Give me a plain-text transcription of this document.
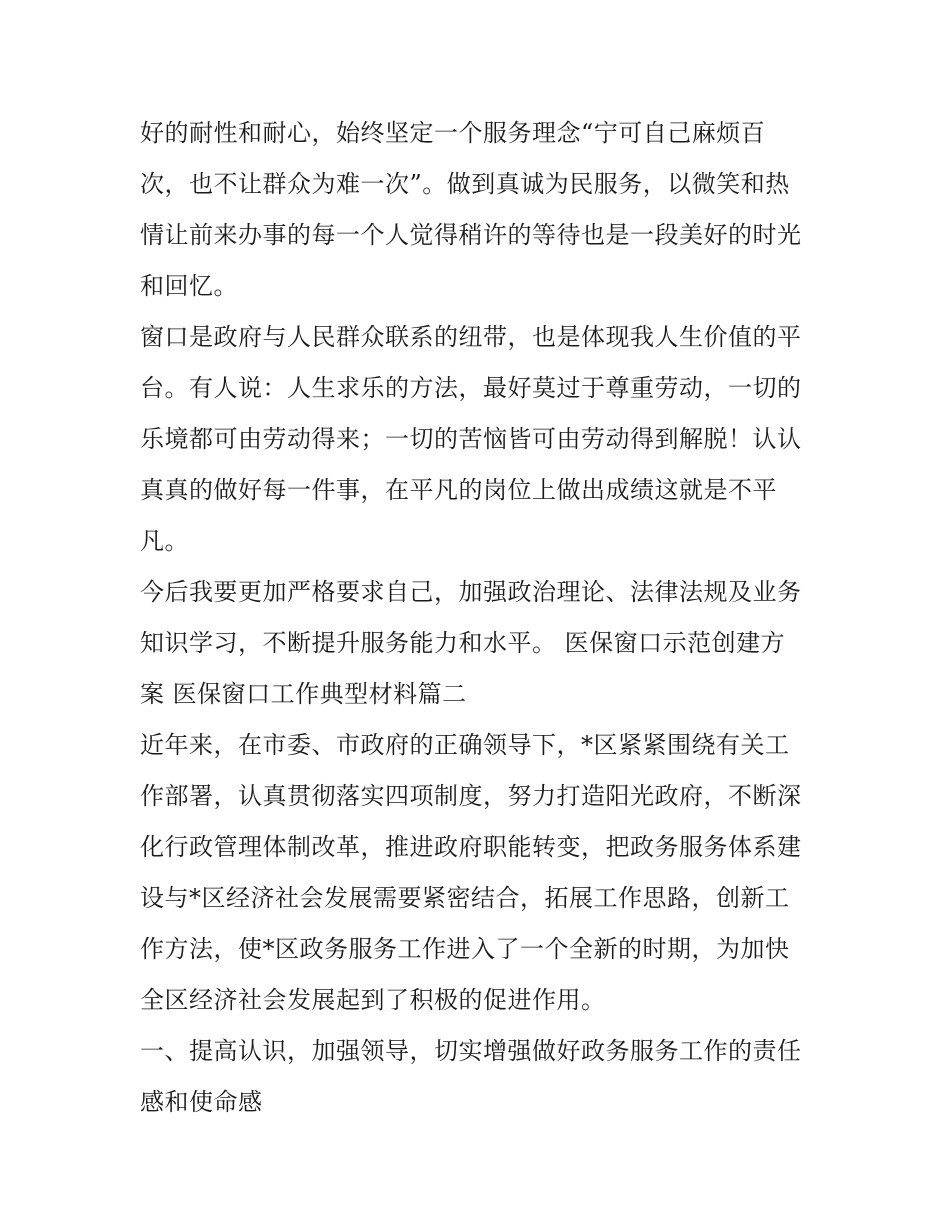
好的耐性和耐心，始终坚定一个服务理念“宁可自己麻烦百
次，也不让群众为难一次”。做到真诚为民服务，以微笑和热
情让前来办事的每一个人觉得稍许的等待也是一段美好的时光
和回忆。
窗口是政府与人民群众联系的纽带，也是体现我人生价值的平
台。有人说：人生求乐的方法，最好莫过于尊重劳动，一切的
乐境都可由劳动得来；一切的苦恼皆可由劳动得到解脱！认认
真真的做好每一件事，在平凡的岗位上做出成绩这就是不平
凡。
今后我要更加严格要求自己，加强政治理论、法律法规及业务
知识学习，不断提升服务能力和水平。 医保窗口示范创建方
案 医保窗口工作典型材料篇二
近年来，在市委、市政府的正确领导下，*区紧紧围绕有关工
作部署，认真贯彻落实四项制度，努力打造阳光政府，不断深
化行政管理体制改革，推进政府职能转变，把政务服务体系建
设与*区经济社会发展需要紧密结合，拓展工作思路，创新工
作方法，使*区政务服务工作进入了一个全新的时期，为加快
全区经济社会发展起到了积极的促进作用。
一、提高认识，加强领导，切实增强做好政务服务工作的责任
感和使命感
